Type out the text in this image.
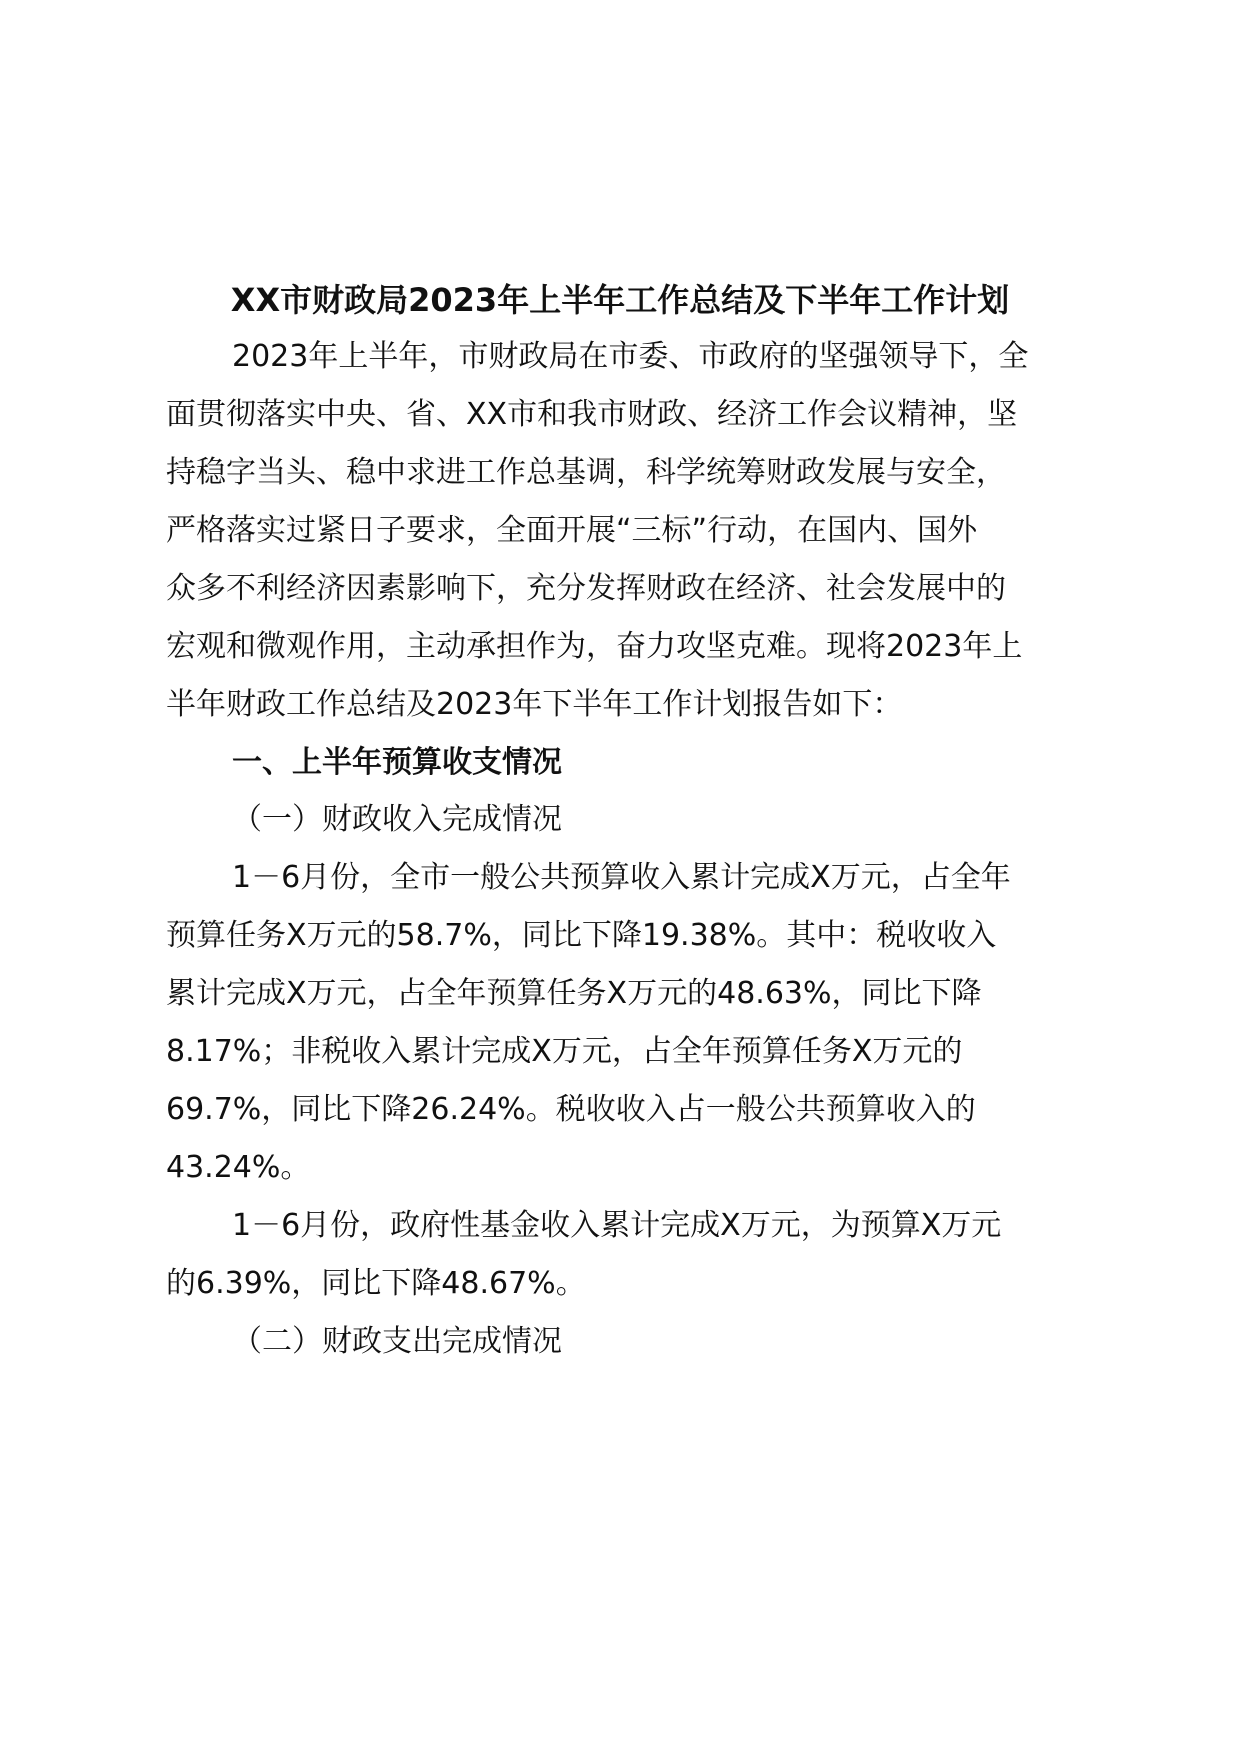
XX市财政局2023年上半年工作总结及下半年工作计划
2023年上半年，市财政局在市委、市政府的坚强领导下，全
面贯彻落实中央、省、XX市和我市财政、经济工作会议精神，坚
持稳字当头、稳中求进工作总基调，科学统筹财政发展与安全，
严格落实过紧日子要求，全面开展“三标”行动，在国内、国外
众多不利经济因素影响下，充分发挥财政在经济、社会发展中的
宏观和微观作用，主动承担作为，奋力攻坚克难。现将2023年上
半年财政工作总结及2023年下半年工作计划报告如下：
一、上半年预算收支情况
（一）财政收入完成情况
1－6月份，全市一般公共预算收入累计完成X万元，占全年
预算任务X万元的58.7%，同比下降19.38%。其中：税收收入
累计完成X万元，占全年预算任务X万元的48.63%，同比下降
8.17%；非税收入累计完成X万元，占全年预算任务X万元的
69.7%，同比下降26.24%。税收收入占一般公共预算收入的
43.24%。
1－6月份，政府性基金收入累计完成X万元，为预算X万元
的6.39%，同比下降48.67%。
（二）财政支出完成情况
